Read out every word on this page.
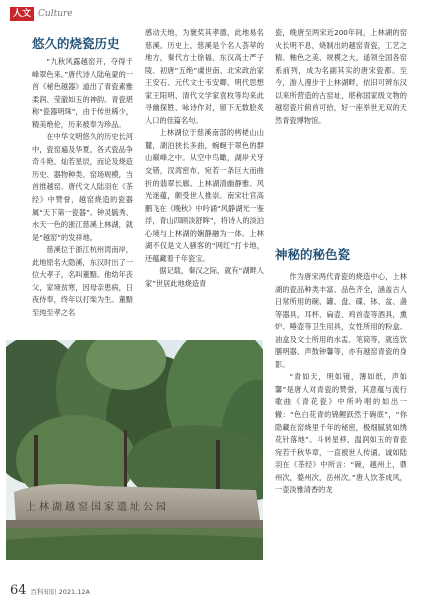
人文 Culture
悠久的烧瓷历史

“九秋风露越窑开，夺得千峰翠色来。”唐代诗人陆龟蒙的一首《秘色越器》道出了青瓷素雅柔润、莹澈如玉的神韵。青瓷堪称“瓷器明珠”，由于传世稀少，精美绝伦，历来被奉为珍品。

在中华文明悠久的历史长河中，瓷窑遍及华夏，各式瓷品争奇斗艳、灿若星辰，而论及烧造历史、器物种类、窑场规模，当首推越窑。唐代文人陆羽在《茶经》中赞誉，越窑烧造的瓷器属“天下第一瓷器”。钟灵毓秀、水天一色的浙江慈溪上林湖，就是“越窑”的发祥地。

慈溪位于浙江杭州湾南岸，此地原名大隐溪，东汉时出了一位大孝子，名叫董黯。他幼年丧父，家境贫寒，因母亲患病，日夜侍奉，终年以打柴为生。董黯至纯至孝之名

感动天地，为褒奖其孝德，此地易名慈溪。历史上，慈溪是个名人荟萃的地方，秦代方士徐福、东汉高士严子陵、初唐“五绝”虞世南、北宋政治家王安石、元代文士韦安卿、明代思想家王阳明、清代文学家袁枚等均来此寻幽探胜、咏诗作对，留下无数脍炙人口的佳篇名句。

上林湖位于慈溪南部的栲栳山山麓，湖泊狭长多曲，蜿蜒于翠色的群山巅峰之中。从空中鸟瞰，湖岸犬牙交错，汊湾密布，宛若一条巨大而曲折的翡翠长廊。上林湖清幽静雅、风光迷蕴，颇受世人推崇。南宋壮官高鹏飞在《晚秋》中吟诵“风静湖光一鉴浮，青山四顾淡舒眸”，将诗人的淡泊心境与上林湖的娴静融为一体。上林湖不仅是文人骚客的“网红”打卡地，还蕴藏着千年瓷宝。

据记载，秦汉之际，就有“湖畔人家”世居此地烧造青

瓷，晚唐至两宋近200年间，上林湖的窑火长明不息，烧制出的越窑青瓷，工艺之精、釉色之美、规模之大，遥领全国各窑系前列，成为名副其实的唐宋瓷都。至今，游人漫步于上林湖畔，依旧可辨东汉以来所营造的古窑址，堪称国家级文物的越窑瓷片俯首可拾，好一座举世无双的天然青瓷博物馆。

神秘的秘色瓷

作为唐宋两代青瓷的烧造中心，上林湖的瓷品种类丰富、品色齐全，涵盖古人日常所用的碗、罐、盘、碟、钵、盆、盏等器具，耳杯、扁壶、鸡首壶等酒具，熏炉、唾壶等卫生用具，女性所用的粉盒、油盒及文士所用的水盂、笔筒等，就连饮膳明器、声鼓钟馨等，亦有越窑青瓷的身影。

“青如天，明如镜，薄如纸，声如馨”是唐人对青瓷的赞誉，其意蕴与流行歌曲《青花瓷》中所吟唱的如出一辙：“色白花青的锦鲤跃然于碗底”，“你隐藏在窑烧里千年的秘密，极细腻犹如绣花针落地”。斗转星移，温润如玉的青瓷宛若千秋华章，一直被世人传诵。诚如陆羽在《茶经》中所言：“碗，越州上，鼎州次，婺州次，岳州次。”唐人饮茶成风，一壶淡雅清香的龙

上林湖越窑国家遗址公园
64 百科知识 2021.12A
